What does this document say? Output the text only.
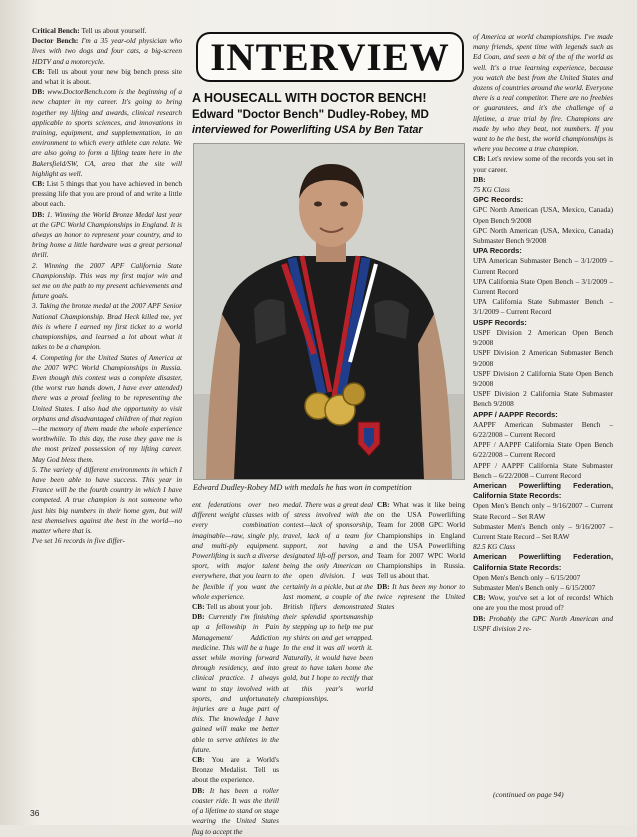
Critical Bench: Tell us about yourself.

Doctor Bench: I'm a 35 year-old physician who lives with two dogs and four cats, a big-screen HDTV and a motorcycle.

CB: Tell us about your new big bench press site and what it is about.

DB: www.DoctorBench.com is the beginning of a new chapter in my career. It's going to bring together my lifting and awards, clinical research applicable to sports sciences, and innovations in training, equipment, and supplementation, in an environment to which every athlete can relate. We are also going to form a lifting team here in the Bakersfield/SW, CA, area that the site will highlight as well.

CB: List 5 things that you have achieved in bench pressing life that you are proud of and write a little about each.

DB: 1. Winning the World Bronze Medal last year at the GPC World Championships in England. It is always an honor to represent your country, and to bring home a little hardware was a great personal thrill.

2. Winning the 2007 APF California State Championship. This was my first major win and set me on the path to my present achievements and future goals.

3. Taking the bronze medal at the 2007 APF Senior National Championship. Brad Heck killed me, yet this is where I earned my first ticket to a world championships, and learned a lot about what it takes to be a champion.

4. Competing for the United States of America at the 2007 WPC World Championships in Russia. Even though this contest was a complete disaster, (the worst run hands down, I have ever attended) there was a proud feeling to be representing the United States. I also had the opportunity to visit orphans and disadvantaged children of that region—the memory of them made the whole experience worthwhile. To this day, the rose they gave me is the most prized possession of my lifting career. May God bless them.

5. The variety of different environments in which I have been able to have success. This year in France will be the fourth country in which I have competed. A true champion is not someone who just hits big numbers in their home gym, but will test themselves against the best in the world—no matter where that is.

I've set 16 records in five differ-

INTERVIEW
A HOUSECALL WITH DOCTOR BENCH!
Edward "Doctor Bench" Dudley-Robey, MD
interviewed for Powerlifting USA by Ben Tatar
Edward Dudley-Robey MD with medals he has won in competition

ent federations over two different weight classes with every combination imaginable—raw, single ply, and multi-ply equipment. Powerlifting is such a diverse sport, with major talent everywhere, that you learn to be flexible if you want the whole experience.

CB: Tell us about your job.

DB: Currently I'm finishing up a fellowship in Pain Management/ Addiction medicine. This will be a huge asset while moving forward through residency, and into clinical practice. I always want to stay involved with sports, and unfortunately injuries are a huge part of this. The knowledge I have gained will make me better able to serve athletes in the future.

CB: You are a World's Bronze Medalist. Tell us about the experience.

DB: It has been a roller coaster ride. It was the thrill of a lifetime to stand on stage wearing the United States flag to accept the

medal. There was a great deal of stress involved with the contest—lack of sponsorship, travel, lack of a team for support, not having a designated lift-off person, and being the only American on the open division. I was certainly in a pickle, but at the last moment, a couple of the British lifters demonstrated their splendid sportsmanship by stepping up to help me put my shirts on and get wrapped. In the end it was all worth it. Naturally, it would have been great to have taken home the gold, but I hope to rectify that at this year's world championships.

CB: What was it like being on the USA Powerlifting Team for 2008 GPC World Championships in England and the USA Powerlifting Team for 2007 WPC World Championships in Russia. Tell us about that.

DB: It has been my honor to twice represent the United States

of America at world championships. I've made many friends, spent time with legends such as Ed Coan, and seen a bit of the of the world as well. It's a true learning experience, because you watch the best from the United States and dozens of countries around the world. Everyone there is a real competitor. There are no freebies or guarantees, and it's the challenge of a lifetime, a true trial by fire. Champions are made by who they beat, not numbers. If you want to be the best, the world championships is where you become a true champion.

CB: Let's review some of the records you set in your career.

DB:

75 KG Class

GPC Records:

GPC North American (USA, Mexico, Canada) Open Bench 9/2008

GPC North American (USA, Mexico, Canada) Submaster Bench 9/2008

UPA Records:

UPA American Submaster Bench – 3/1/2009 – Current Record

UPA California State Open Bench – 3/1/2009 – Current Record

UPA California State Submaster Bench – 3/1/2009 – Current Record

USPF Records:

USPF Division 2 American Open Bench 9/2008

USPF Division 2 American Submaster Bench 9/2008

USPF Division 2 California State Open Bench 9/2008

USPF Division 2 California State Submaster Bench 9/2008

APPF / AAPPF Records:

AAPPF American Submaster Bench – 6/22/2008 – Current Record

APPF / AAPPF California State Open Bench 6/22/2008 – Current Record

APPF / AAPPF California State Submaster Bench – 6/22/2008 – Current Record

American Powerlifting Federation, California State Records:

Open Men's Bench only – 9/16/2007 – Current State Record – Set RAW

Submaster Men's Bench only – 9/16/2007 – Current State Record – Set RAW

82.5 KG Class

American Powerlifting Federation, California State Records:

Open Men's Bench only – 6/15/2007

Submaster Men's Bench only – 6/15/2007

CB: Wow, you've set a lot of records! Which one are you the most proud of?

DB: Probably the GPC North American and USPF division 2 re-

(continued on page 94)
36
